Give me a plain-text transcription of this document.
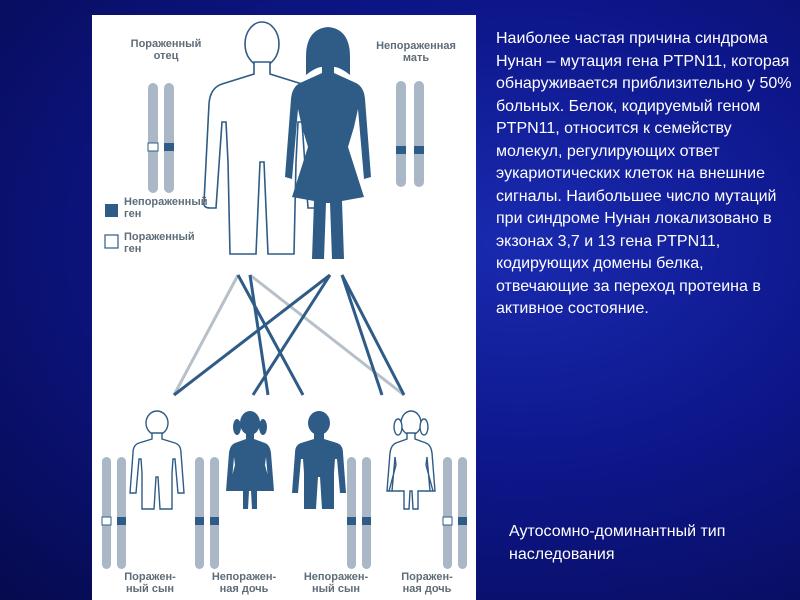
Пораженный
отец
Непораженная
мать
Непораженный
ген
Пораженный
ген
Поражен-
ный сын
Непоражен-
ная дочь
Непоражен-
ный сын
Поражен-
ная дочь
Наиболее частая причина синдрома Нунан – мутация гена PTPN11, которая обнаруживается приблизительно у 50% больных. Белок, кодируемый геном PTPN11, относится к семейству молекул, регулирующих ответ эукариотических клеток на внешние сигналы. Наибольшее число мутаций при синдроме Нунан локализовано в экзонах 3,7 и 13 гена PTPN11, кодирующих домены белка, отвечающие за переход протеина в активное состояние.
Аутосомно-доминантный тип
наследования
